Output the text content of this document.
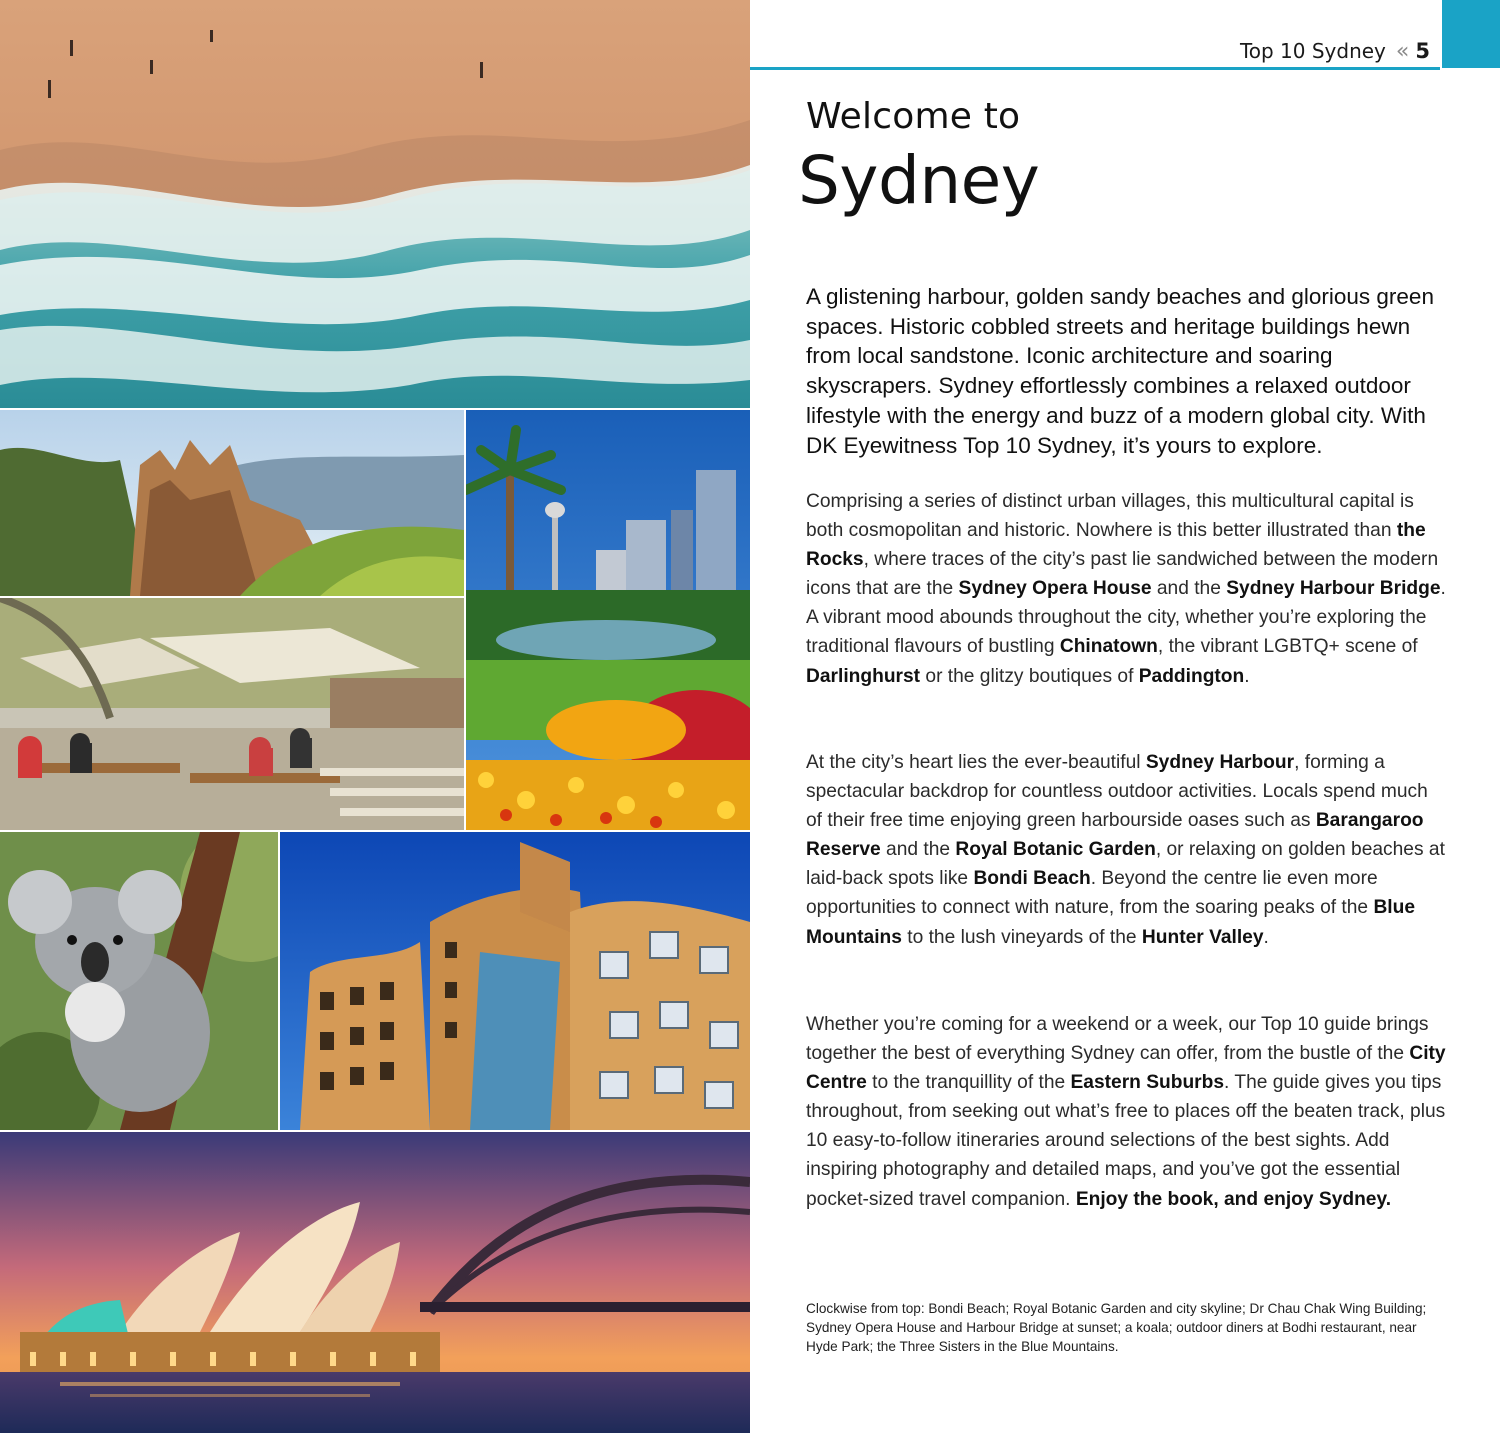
Top 10 Sydney « 5
Welcome to
Sydney

A glistening harbour, golden sandy beaches and glorious green spaces. Historic cobbled streets and heritage buildings hewn from local sandstone. Iconic architecture and soaring skyscrapers. Sydney effortlessly combines a relaxed outdoor lifestyle with the energy and buzz of a modern global city. With DK Eyewitness Top 10 Sydney, it’s yours to explore.

Comprising a series of distinct urban villages, this multicultural capital is both cosmopolitan and historic. Nowhere is this better illustrated than the Rocks, where traces of the city’s past lie sandwiched between the modern icons that are the Sydney Opera House and the Sydney Harbour Bridge. A vibrant mood abounds throughout the city, whether you’re exploring the traditional flavours of bustling Chinatown, the vibrant LGBTQ+ scene of Darlinghurst or the glitzy boutiques of Paddington.

At the city’s heart lies the ever-beautiful Sydney Harbour, forming a spectacular backdrop for countless outdoor activities. Locals spend much of their free time enjoying green harbourside oases such as Barangaroo Reserve and the Royal Botanic Garden, or relaxing on golden beaches at laid-back spots like Bondi Beach. Beyond the centre lie even more opportunities to connect with nature, from the soaring peaks of the Blue Mountains to the lush vineyards of the Hunter Valley.

Whether you’re coming for a weekend or a week, our Top 10 guide brings together the best of everything Sydney can offer, from the bustle of the City Centre to the tranquillity of the Eastern Suburbs. The guide gives you tips throughout, from seeking out what’s free to places off the beaten track, plus 10 easy-to-follow itineraries around selections of the best sights. Add inspiring photography and detailed maps, and you’ve got the essential pocket-sized travel companion. Enjoy the book, and enjoy Sydney.

Clockwise from top: Bondi Beach; Royal Botanic Garden and city skyline; Dr Chau Chak Wing Building; Sydney Opera House and Harbour Bridge at sunset; a koala; outdoor diners at Bodhi restaurant, near Hyde Park; the Three Sisters in the Blue Mountains.
